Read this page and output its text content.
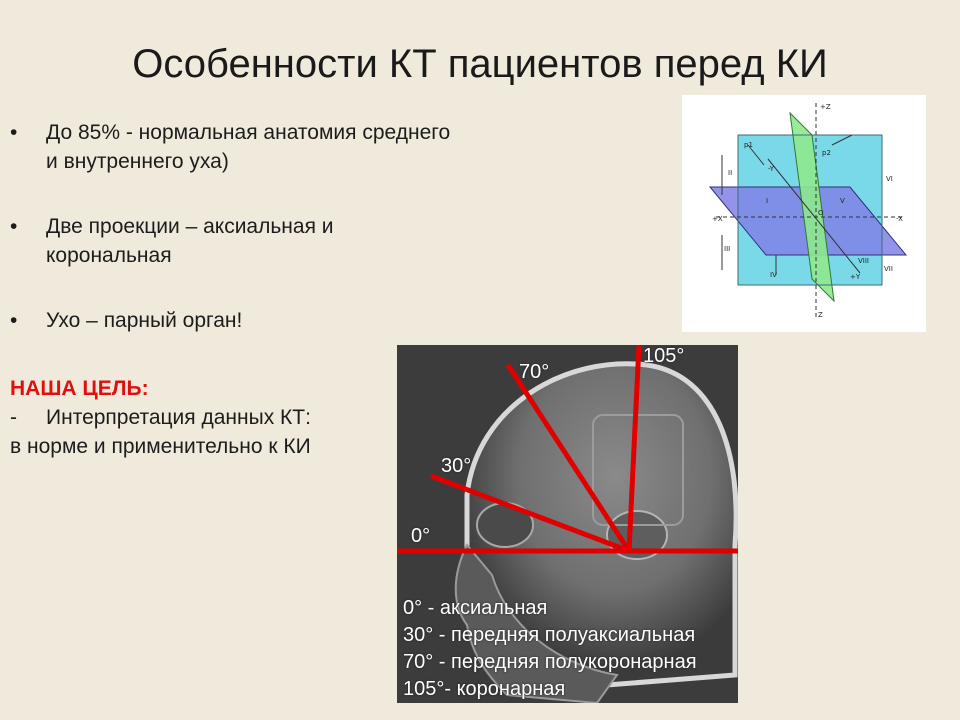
Особенности КТ пациентов перед КИ
•	До 85% - нормальная анатомия среднего
и внутреннего уха)
•	Две проекции – аксиальная и
корональная
•	Ухо – парный орган!
НАША ЦЕЛЬ:
- Интерпретация данных КТ:
в норме и применительно к КИ
+Z
Z
+X	-X
-Y
IV	+Y
O
p1
p2
I
II
III
V
VI
VII
VIII
0°
30°
70°
105°
0° - аксиальная
30° - передняя полуаксиальная
70° - передняя полукоронарная
105°- коронарная
